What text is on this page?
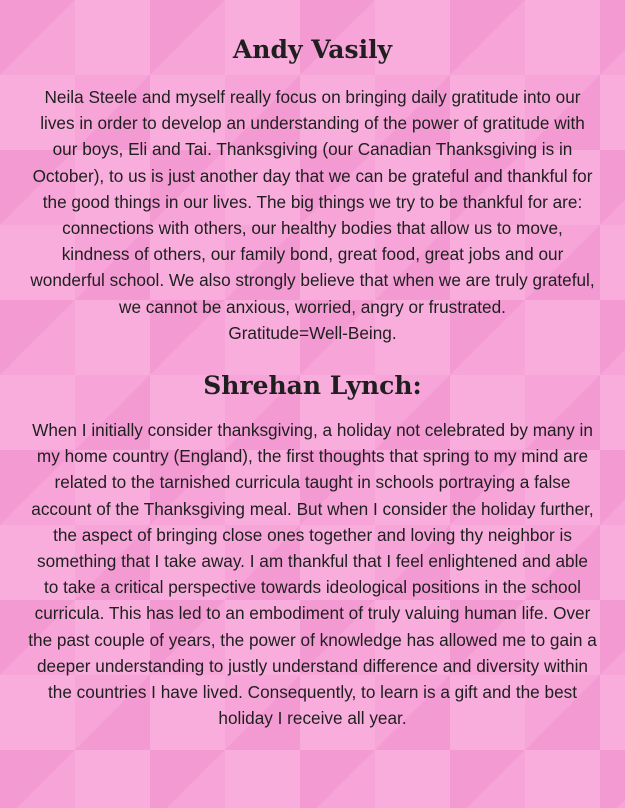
Andy Vasily

Neila Steele and myself really focus on bringing daily gratitude into our lives in order to develop an understanding of the power of gratitude with our boys, Eli and Tai. Thanksgiving (our Canadian Thanksgiving is in October), to us is just another day that we can be grateful and thankful for the good things in our lives. The big things we try to be thankful for are: connections with others, our healthy bodies that allow us to move, kindness of others, our family bond, great food, great jobs and our wonderful school. We also strongly believe that when we are truly grateful, we cannot be anxious, worried, angry or frustrated.
Gratitude=Well-Being.

Shrehan Lynch:

When I initially consider thanksgiving, a holiday not celebrated by many in my home country (England), the first thoughts that spring to my mind are related to the tarnished curricula taught in schools portraying a false account of the Thanksgiving meal. But when I consider the holiday further, the aspect of bringing close ones together and loving thy neighbor is something that I take away. I am thankful that I feel enlightened and able to take a critical perspective towards ideological positions in the school curricula. This has led to an embodiment of truly valuing human life. Over the past couple of years, the power of knowledge has allowed me to gain a deeper understanding to justly understand difference and diversity within the countries I have lived. Consequently, to learn is a gift and the best holiday I receive all year.
